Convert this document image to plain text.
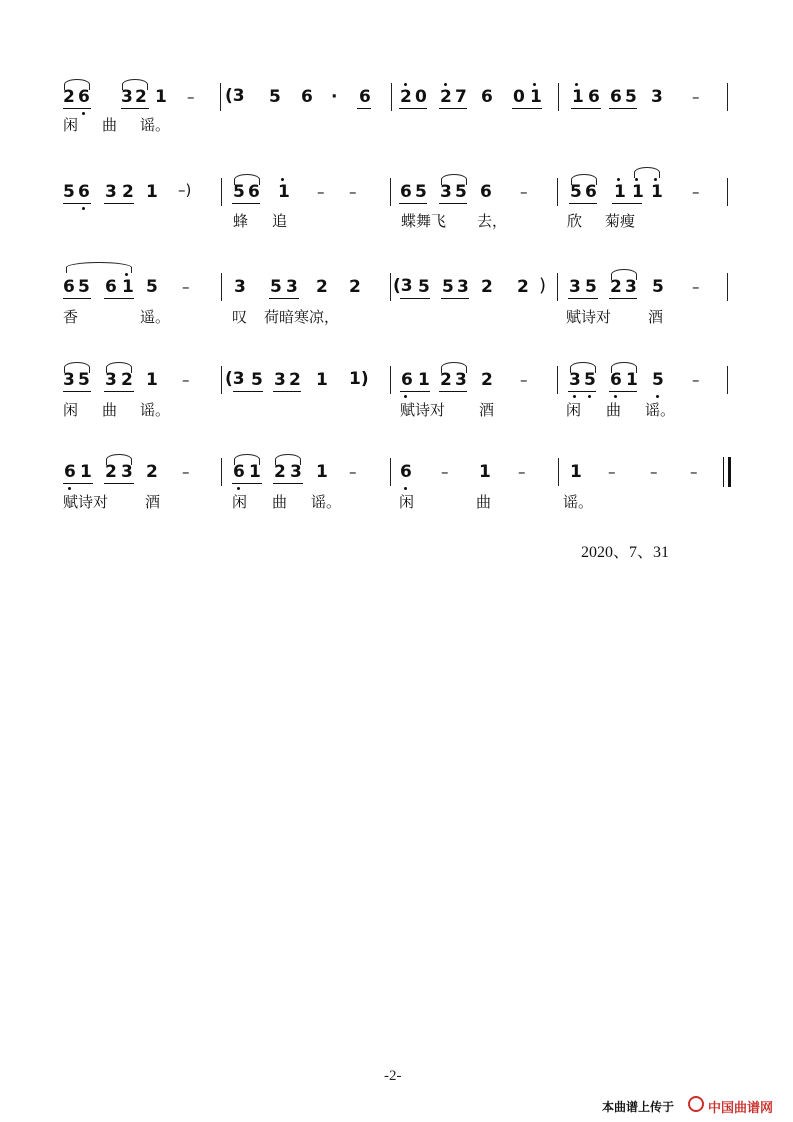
2 6 3 2 1 – (3 5 6 · 6 2 0 2 7 6 0 1 1 6 6 5 3 –
闲 曲 谣。
5 6 3 2 1 –) 5 6 1 – –	6 5 3 5 6 –	5 6 1 1 1 –
蜂 追	蝶舞飞 去，	欣 菊瘦
6 5 6 1 5 –	3 5 3 2 2 (3 5 5 3 2 2 ) 3 5 2 3 5 –
香	遥。	叹 荷暗寒凉，	赋诗对 酒
3 5 3 2 1 – (3 5 3 2 1 1) 6 1 2 3 2 – 3 5 6 1 5 –
闲 曲 谣。	赋诗对 酒	闲 曲 谣。
6 1 2 3 2 –	6 1 2 3 1 –	6 – 1 –	1 – – –
赋诗对 酒	闲 曲 谣。	闲	曲	谣。
2020、7、31
-2-
本曲谱上传于	中国曲谱网
